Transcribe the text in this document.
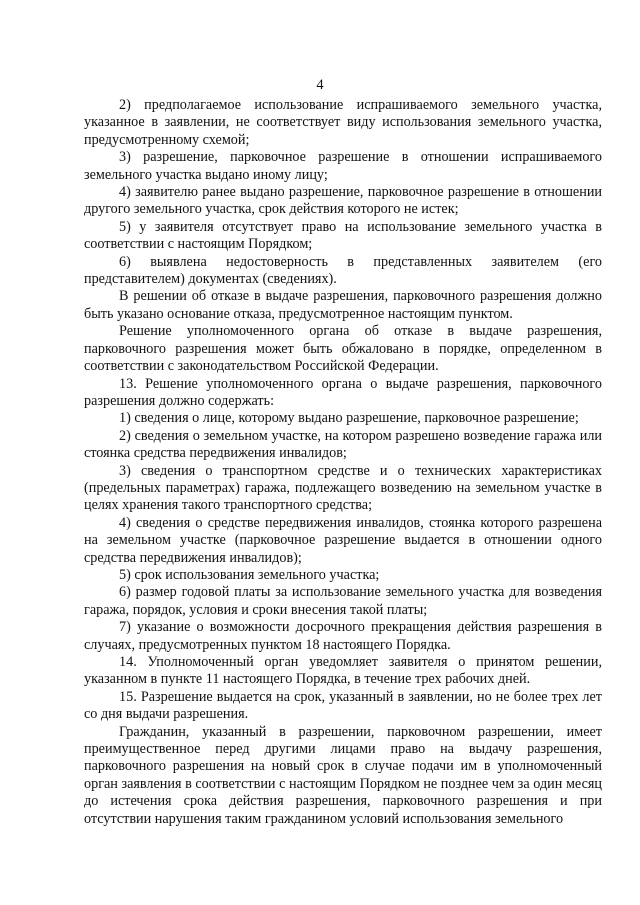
4

2) предполагаемое использование испрашиваемого земельного участка, указанное в заявлении, не соответствует виду использования земельного участка, предусмотренному схемой;

3) разрешение, парковочное разрешение в отношении испрашиваемого земельного участка выдано иному лицу;

4) заявителю ранее выдано разрешение, парковочное разрешение в отношении другого земельного участка, срок действия которого не истек;

5) у заявителя отсутствует право на использование земельного участка в соответствии с настоящим Порядком;

6) выявлена недостоверность в представленных заявителем (его представителем) документах (сведениях).

В решении об отказе в выдаче разрешения, парковочного разрешения должно быть указано основание отказа, предусмотренное настоящим пунктом.

Решение уполномоченного органа об отказе в выдаче разрешения, парковочного разрешения может быть обжаловано в порядке, определенном в соответствии с законодательством Российской Федерации.

13. Решение уполномоченного органа о выдаче разрешения, парковочного разрешения должно содержать:

1) сведения о лице, которому выдано разрешение, парковочное разрешение;

2) сведения о земельном участке, на котором разрешено возведение гаража или стоянка средства передвижения инвалидов;

3) сведения о транспортном средстве и о технических характеристиках (предельных параметрах) гаража, подлежащего возведению на земельном участке в целях хранения такого транспортного средства;

4) сведения о средстве передвижения инвалидов, стоянка которого разрешена на земельном участке (парковочное разрешение выдается в отношении одного средства передвижения инвалидов);

5) срок использования земельного участка;

6) размер годовой платы за использование земельного участка для возведения гаража, порядок, условия и сроки внесения такой платы;

7) указание о возможности досрочного прекращения действия разрешения в случаях, предусмотренных пунктом 18 настоящего Порядка.

14. Уполномоченный орган уведомляет заявителя о принятом решении, указанном в пункте 11 настоящего Порядка, в течение трех рабочих дней.

15. Разрешение выдается на срок, указанный в заявлении, но не более трех лет со дня выдачи разрешения.

Гражданин, указанный в разрешении, парковочном разрешении, имеет преимущественное перед другими лицами право на выдачу разрешения, парковочного разрешения на новый срок в случае подачи им в уполномоченный орган заявления в соответствии с настоящим Порядком не позднее чем за один месяц до истечения срока действия разрешения, парковочного разрешения и при отсутствии нарушения таким гражданином условий использования земельного
